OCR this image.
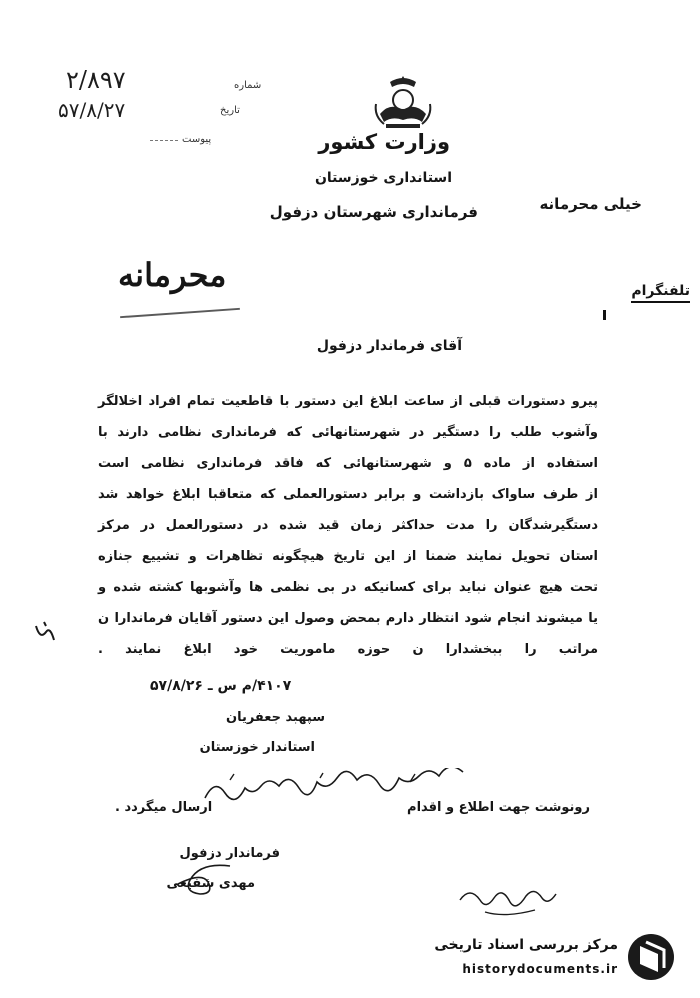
وزارت کشور
استانداری خوزستان
فرمانداری شهرستان دزفول	خیلی محرمانه
شماره
۲/۸۹۷
تاریخ
۵۷/۸/۲۷
پیوست
محرمانه	تلفنگرام
آقای فرماندار دزفول
پیرو دستورات قبلی از ساعت ابلاغ این دستور با قاطعیت تمام افراد اخلالگر
وآشوب طلب را دستگیر در شهرستانهائی که فرمانداری نظامی دارند با
استفاده از ماده ۵ و شهرستانهائی که فاقد فرمانداری نظامی است
از طرف ساواک بازداشت و برابر دستورالعملی که متعاقبا ابلاغ خواهد شد
دستگیرشدگان را مدت حداکثر زمان قید شده در دستورالعمل در مرکز
استان تحویل نمایند ضمنا از این تاریخ هیچگونه تظاهرات و تشییع جنازه
تحت هیچ عنوان نباید برای کسانیکه در بی نظمی ها وآشوبها کشته شده و
یا میشوند انجام شود انتظار دارم بمحض وصول این دستور آقایان فرماندارا ن
مراتب را ببخشدارا ن حوزه ماموریت خود ابلاغ نمایند .
۴۱۰۷/م س ـ ۵۷/۸/۲۶
سپهبد جعفریان
استاندار خوزستان
رونوشت جهت اطلاع و اقدام
ارسال میگردد .
فرماندار دزفول
مهدی شفیعی
مرکز بررسی اسناد تاریخی
historydocuments.ir
